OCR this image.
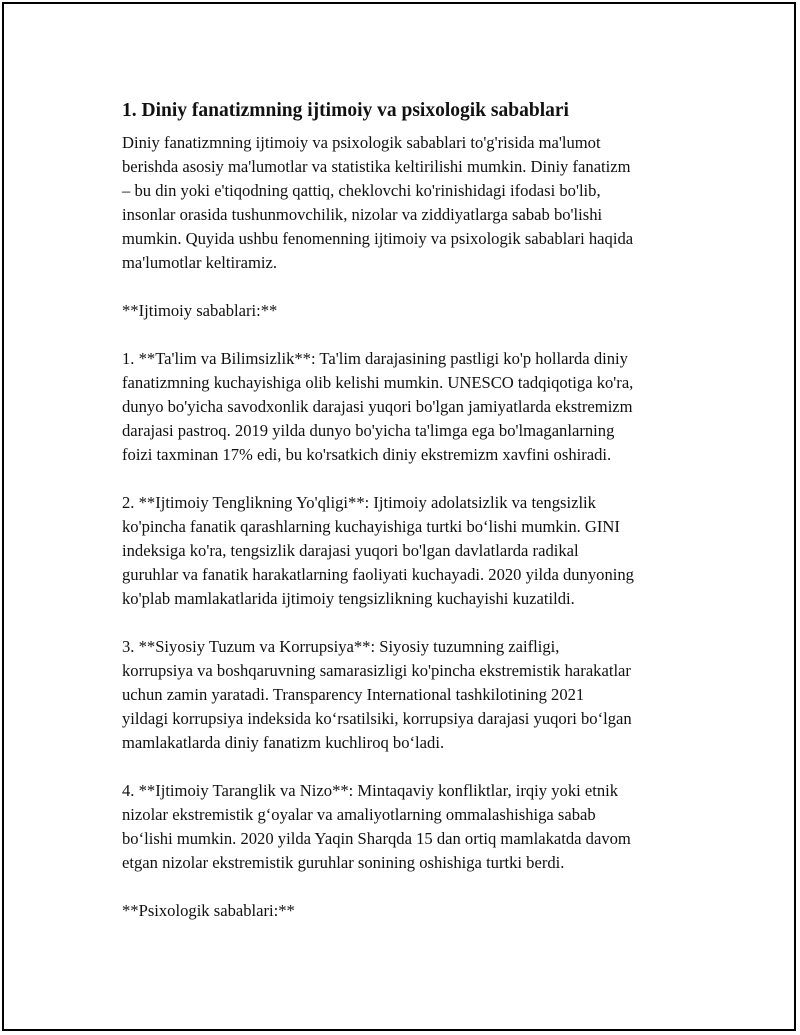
1. Diniy fanatizmning ijtimoiy va psixologik sabablari
Diniy fanatizmning ijtimoiy va psixologik sabablari to'g'risida ma'lumot
berishda asosiy ma'lumotlar va statistika keltirilishi mumkin. Diniy fanatizm
– bu din yoki e'tiqodning qattiq, cheklovchi ko'rinishidagi ifodasi bo'lib,
insonlar orasida tushunmovchilik, nizolar va ziddiyatlarga sabab bo'lishi
mumkin. Quyida ushbu fenomenning ijtimoiy va psixologik sabablari haqida
ma'lumotlar keltiramiz.
**Ijtimoiy sabablari:**
1. **Ta'lim va Bilimsizlik**: Ta'lim darajasining pastligi ko'p hollarda diniy
fanatizmning kuchayishiga olib kelishi mumkin. UNESCO tadqiqotiga ko'ra,
dunyo bo'yicha savodxonlik darajasi yuqori bo'lgan jamiyatlarda ekstremizm
darajasi pastroq. 2019 yilda dunyo bo'yicha ta'limga ega bo'lmaganlarning
foizi taxminan 17% edi, bu ko'rsatkich diniy ekstremizm xavfini oshiradi.
2. **Ijtimoiy Tenglikning Yo'qligi**: Ijtimoiy adolatsizlik va tengsizlik
ko'pincha fanatik qarashlarning kuchayishiga turtki bo‘lishi mumkin. GINI
indeksiga ko'ra, tengsizlik darajasi yuqori bo'lgan davlatlarda radikal
guruhlar va fanatik harakatlarning faoliyati kuchayadi. 2020 yilda dunyoning
ko'plab mamlakatlarida ijtimoiy tengsizlikning kuchayishi kuzatildi.
3. **Siyosiy Tuzum va Korrupsiya**: Siyosiy tuzumning zaifligi,
korrupsiya va boshqaruvning samarasizligi ko'pincha ekstremistik harakatlar
uchun zamin yaratadi. Transparency International tashkilotining 2021
yildagi korrupsiya indeksida ko‘rsatilsiki, korrupsiya darajasi yuqori bo‘lgan
mamlakatlarda diniy fanatizm kuchliroq bo‘ladi.
4. **Ijtimoiy Taranglik va Nizo**: Mintaqaviy konfliktlar, irqiy yoki etnik
nizolar ekstremistik g‘oyalar va amaliyotlarning ommalashishiga sabab
bo‘lishi mumkin. 2020 yilda Yaqin Sharqda 15 dan ortiq mamlakatda davom
etgan nizolar ekstremistik guruhlar sonining oshishiga turtki berdi.
**Psixologik sabablari:**
